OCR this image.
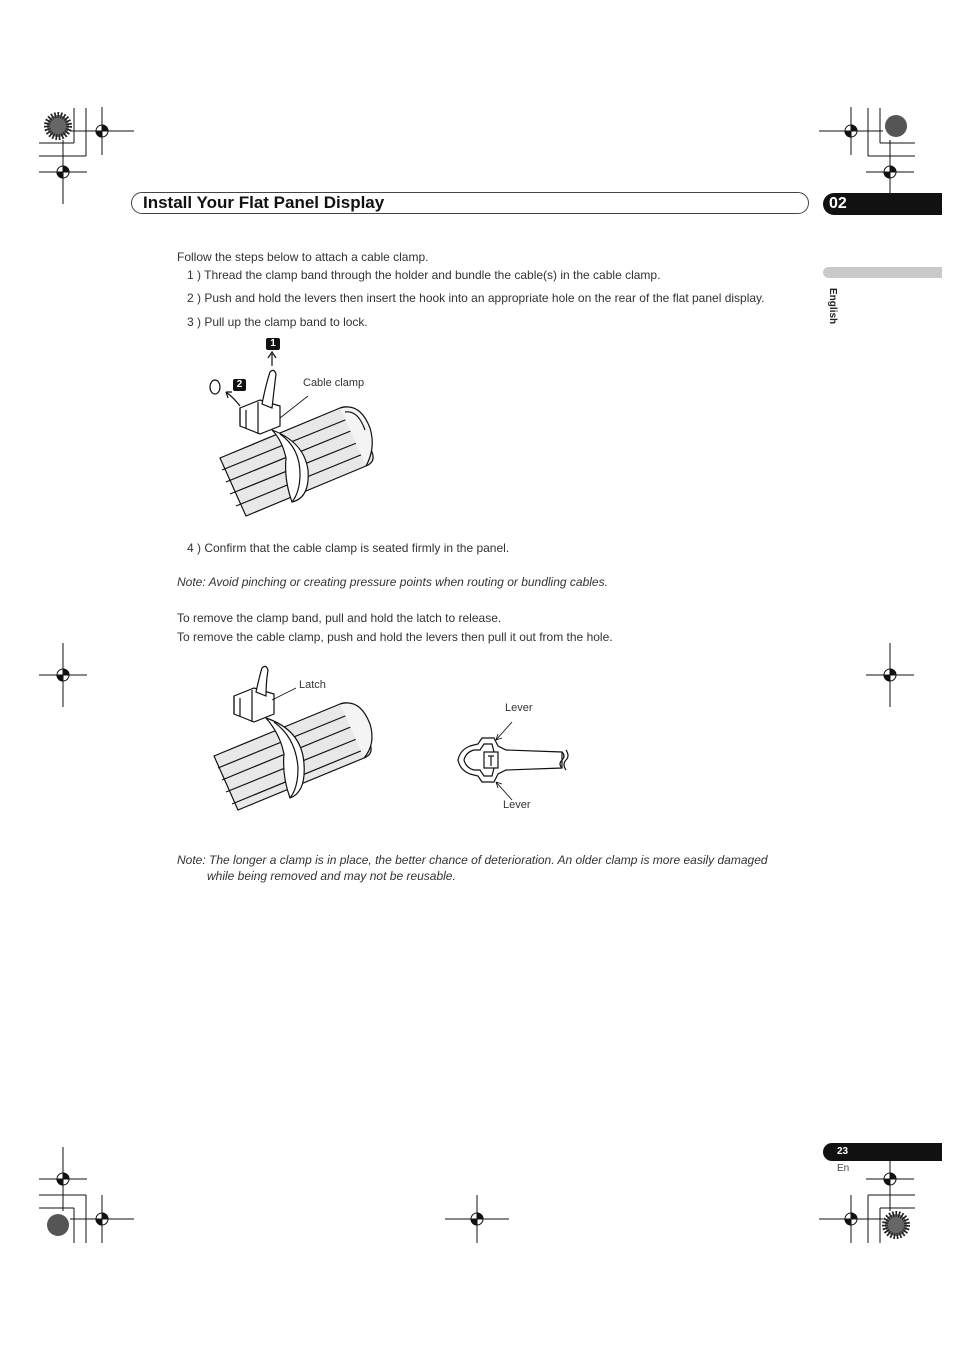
Install Your Flat Panel Display	02
English
Follow the steps below to attach a cable clamp.
1 ) Thread the clamp band through the holder and bundle the cable(s) in the cable clamp.
2 ) Push and hold the levers then insert the hook into an appropriate hole on the rear of the flat panel display.
3 ) Pull up the clamp band to lock.
1
2	Cable clamp
4 ) Confirm that the cable clamp is seated firmly in the panel.
Note: Avoid pinching or creating pressure points when routing or bundling cables.
To remove the clamp band, pull and hold the latch to release.
To remove the cable clamp, push and hold the levers then pull it out from the hole.
Latch
Lever
Lever
Note: The longer a clamp is in place, the better chance of deterioration. An older clamp is more easily damaged
while being removed and may not be reusable.
23
En
